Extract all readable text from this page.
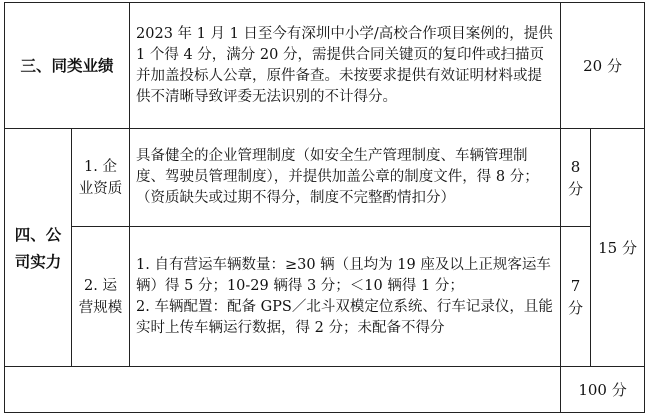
三、同类业绩		2023 年 1 月 1 日至今有深圳中小学/高校合作项目案例的，提供 1 个得 4 分，满分 20 分，需提供合同关键页的复印件或扫描页并加盖投标人公章，原件备查。未按要求提供有效证明材料或提供不清晰导致评委无法识别的不计得分。	20 分	
四、公司实力	1. 企业资质	具备健全的企业管理制度（如安全生产管理制度、车辆管理制度、驾驶员管理制度），并提供加盖公章的制度文件，得 8 分；（资质缺失或过期不得分，制度不完整酌情扣分）	8 分	15 分
	2. 运营规模	1. 自有营运车辆数量：≥30 辆（且均为 19 座及以上正规客运车辆）得 5 分；10-29 辆得 3 分；＜10 辆得 1 分；
2. 车辆配置：配备 GPS／北斗双模定位系统、行车记录仪，且能实时上传车辆运行数据，得 2 分；未配备不得分	7 分	
			100 分	
